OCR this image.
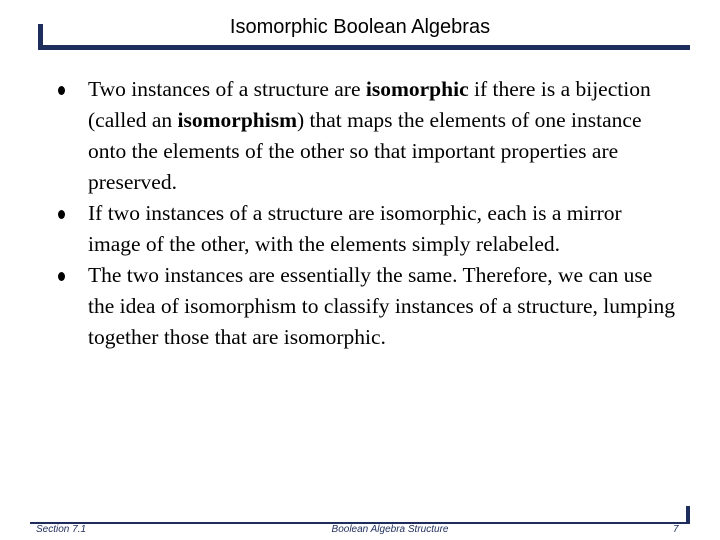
Isomorphic Boolean Algebras
Two instances of a structure are isomorphic if there is a bijection (called an isomorphism) that maps the elements of one instance onto the elements of the other so that important properties are preserved.
If two instances of a structure are isomorphic, each is a mirror image of the other, with the elements simply relabeled.
The two instances are essentially the same. Therefore, we can use the idea of isomorphism to classify instances of a structure, lumping together those that are isomorphic.
Section 7.1	Boolean Algebra Structure	7
